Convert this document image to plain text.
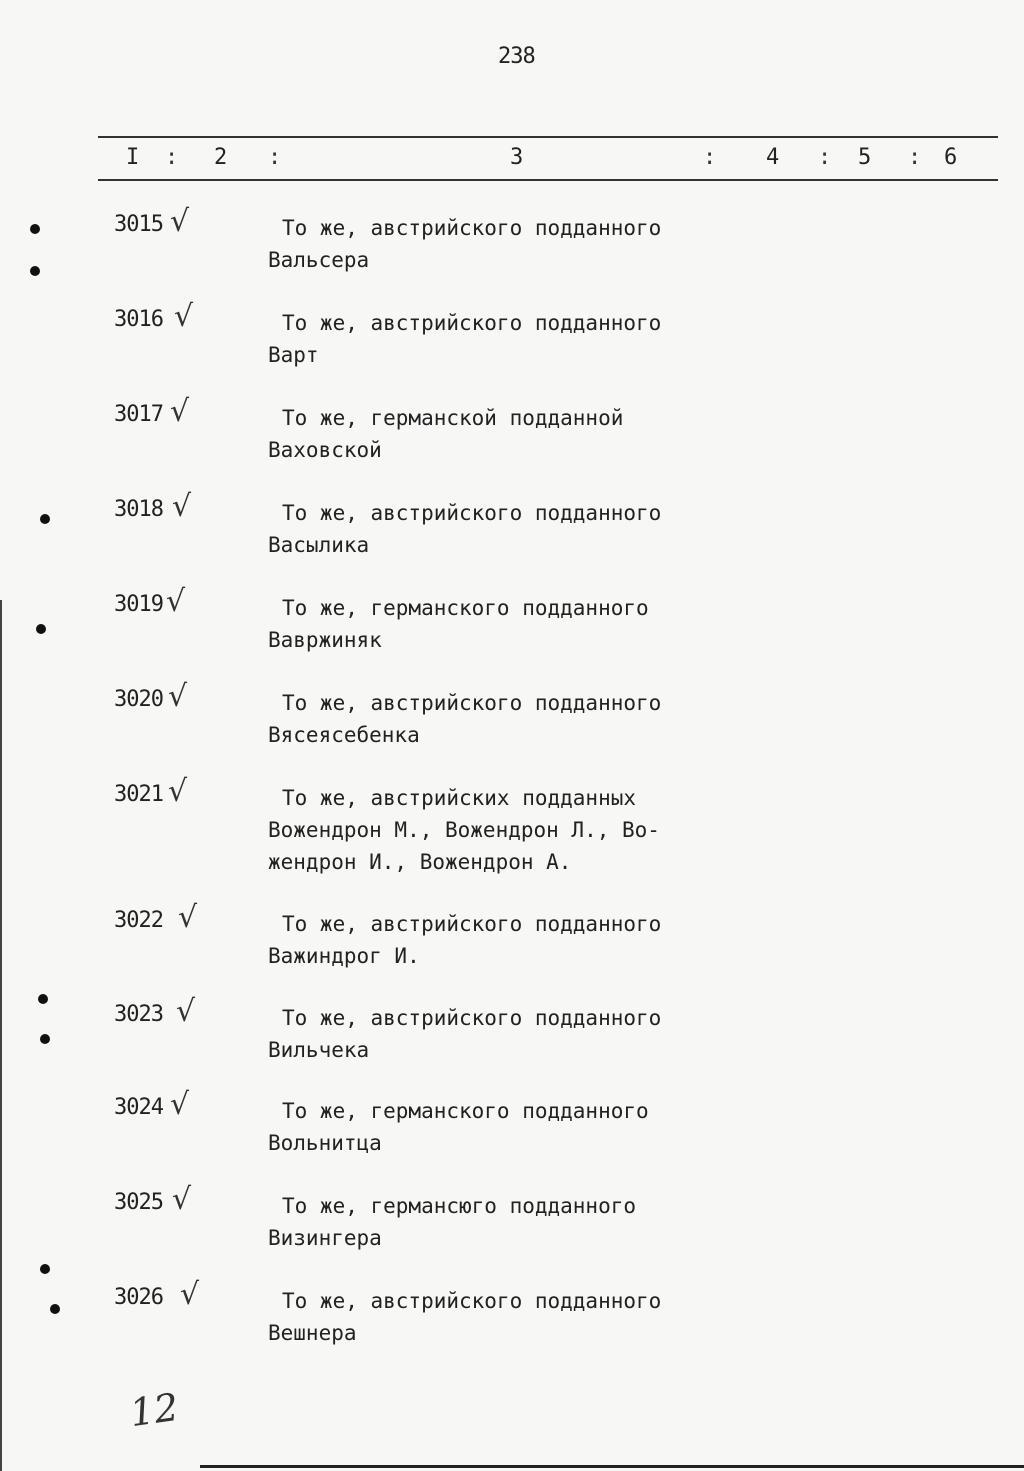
238
I : 2 :	3	: 4 : 5 : 6
3015 √	То же, австрийского подданного
Вальсера
3016 √	То же, австрийского подданного
Варт
3017 √	То же, германской подданной
Ваховской
3018 √	То же, австрийского подданного
Васылика
3019 √	То же, германского подданного
Вавржиняк
3020 √	То же, австрийского подданного
Вясеясебенка
3021 √	То же, австрийских подданных
Вожендрон М., Вожендрон Л., Во-
жендрон И., Вожендрон А.
3022 √	То же, австрийского подданного
Важиндрог И.
3023 √	То же, австрийского подданного
Вильчека
3024 √	То же, германского подданного
Вольнитца
3025 √	То же, германсюго подданного
Визингера
3026 √	То же, австрийского подданного
Вешнера
12
